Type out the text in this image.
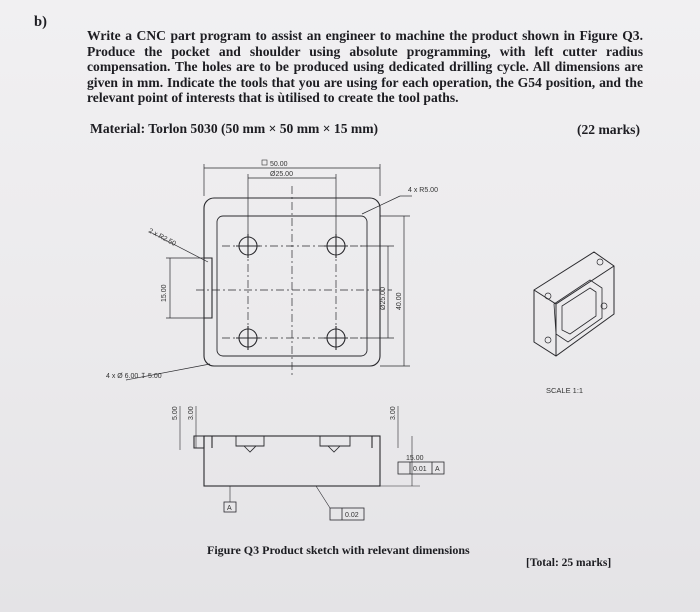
b)

Write a CNC part program to assist an engineer to machine the product shown in Figure Q3. Produce the pocket and shoulder using absolute programming, with left cutter radius compensation. The holes are to be produced using dedicated drilling cycle. All dimensions are given in mm. Indicate the tools that you are using for each operation, the G54 position, and the relevant point of interests that is ùtilised to create the tool paths.

Material: Torlon 5030 (50 mm × 50 mm × 15 mm)	(22 marks)
50.00
Ø25.00
4 x R5.00
2 x R2.50
15.00	Ø25.00 40.00
4 x Ø 6.00 ↧ 5.00
5.00 3.00	3.00
15.00
0.01 A
A
0.02
SCALE 1:1
Figure Q3 Product sketch with relevant dimensions
[Total: 25 marks]
